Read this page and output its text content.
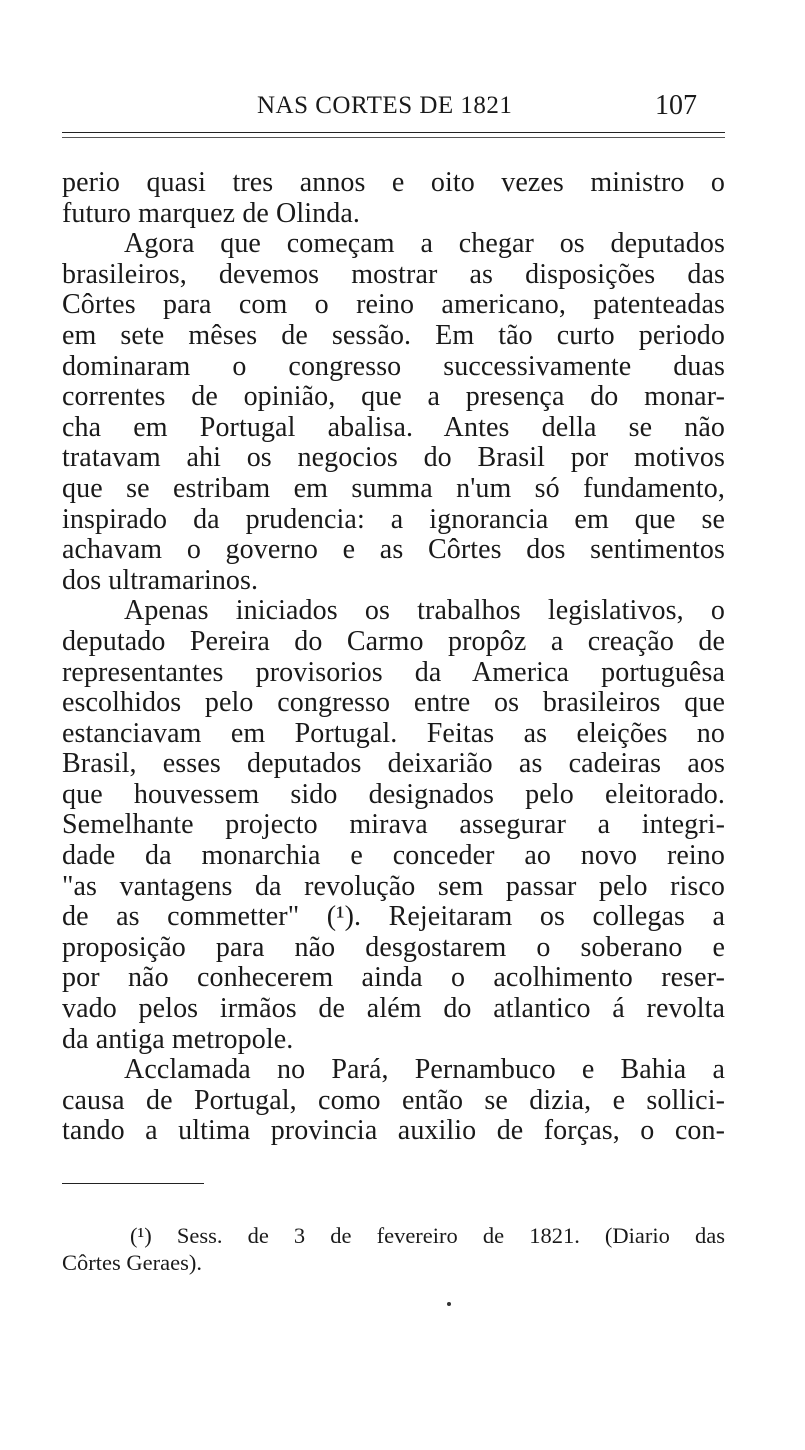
NAS CORTES DE 1821	107
perio quasi tres annos e oito vezes ministro o
futuro marquez de Olinda.
Agora que começam a chegar os deputados
brasileiros, devemos mostrar as disposições das
Côrtes para com o reino americano, patenteadas
em sete mêses de sessão. Em tão curto periodo
dominaram o congresso successivamente duas
correntes de opinião, que a presença do monar-
cha em Portugal abalisa. Antes della se não
tratavam ahi os negocios do Brasil por motivos
que se estribam em summa n'um só fundamento,
inspirado da prudencia: a ignorancia em que se
achavam o governo e as Côrtes dos sentimentos
dos ultramarinos.
Apenas iniciados os trabalhos legislativos, o
deputado Pereira do Carmo propôz a creação de
representantes provisorios da America portuguêsa
escolhidos pelo congresso entre os brasileiros que
estanciavam em Portugal. Feitas as eleições no
Brasil, esses deputados deixarião as cadeiras aos
que houvessem sido designados pelo eleitorado.
Semelhante projecto mirava assegurar a integri-
dade da monarchia e conceder ao novo reino
"as vantagens da revolução sem passar pelo risco
de as commetter" (¹). Rejeitaram os collegas a
proposição para não desgostarem o soberano e
por não conhecerem ainda o acolhimento reser-
vado pelos irmãos de além do atlantico á revolta
da antiga metropole.
Acclamada no Pará, Pernambuco e Bahia a
causa de Portugal, como então se dizia, e sollici-
tando a ultima provincia auxilio de forças, o con-
(¹) Sess. de 3 de fevereiro de 1821. (Diario das
Côrtes Geraes).
